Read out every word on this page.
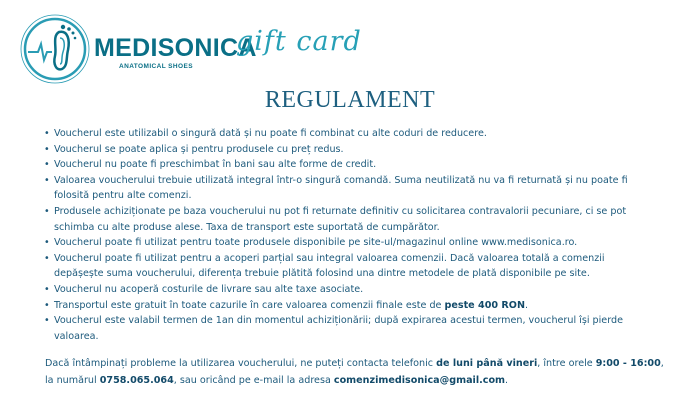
MEDISONICA
ANATOMICAL SHOES
gift card
REGULAMENT
• Voucherul este utilizabil o singură dată și nu poate fi combinat cu alte coduri de reducere.
• Voucherul se poate aplica și pentru produsele cu preț redus.
• Voucherul nu poate fi preschimbat în bani sau alte forme de credit.
• Valoarea voucherului trebuie utilizată integral într-o singură comandă. Suma neutilizată nu va fi returnată și nu poate fi folosită pentru alte comenzi.
• Produsele achiziționate pe baza voucherului nu pot fi returnate definitiv cu solicitarea contravalorii pecuniare, ci se pot schimba cu alte produse alese. Taxa de transport este suportată de cumpărător.
• Voucherul poate fi utilizat pentru toate produsele disponibile pe site-ul/magazinul online www.medisonica.ro.
• Voucherul poate fi utilizat pentru a acoperi parțial sau integral valoarea comenzii. Dacă valoarea totală a comenzii depășește suma voucherului, diferența trebuie plătită folosind una dintre metodele de plată disponibile pe site.
• Voucherul nu acoperă costurile de livrare sau alte taxe asociate.
• Transportul este gratuit în toate cazurile în care valoarea comenzii finale este de peste 400 RON.
• Voucherul este valabil termen de 1an din momentul achiziționării; după expirarea acestui termen, voucherul își pierde valoarea.
Dacă întâmpinați probleme la utilizarea voucherului, ne puteți contacta telefonic de luni până vineri, între orele 9:00 - 16:00,
la numărul 0758.065.064, sau oricând pe e-mail la adresa comenzimedisonica@gmail.com.
